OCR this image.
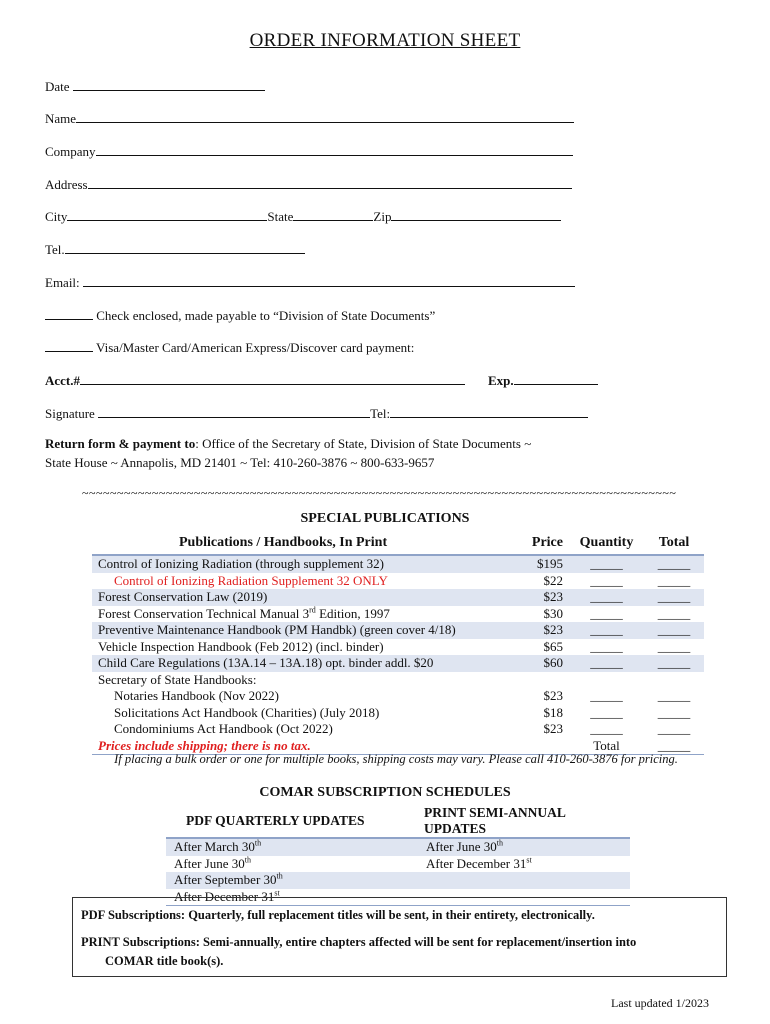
ORDER INFORMATION SHEET
Date
Name
Company
Address
City	State	Zip
Tel.
Email:
Check enclosed, made payable to “Division of State Documents”
Visa/Master Card/American Express/Discover card payment:
Acct.#	Exp.
Signature	Tel:
Return form & payment to: Office of the Secretary of State, Division of State Documents ~
State House ~ Annapolis, MD 21401 ~ Tel: 410-260-3876 ~ 800-633-9657
~~~~~~~~~~~~~~~~~~~~~~~~~~~~~~~~~~~~~~~~~~~~~~~~~~~~~~~~~~~~~~~~~~~~~~~~~~~~~~~~~~~~~
SPECIAL PUBLICATIONS
Publications / Handbooks, In Print	Price	Quantity	Total
Control of Ionizing Radiation (through supplement 32)	$195	_____	_____
Control of Ionizing Radiation Supplement 32 ONLY	$22	_____	_____
Forest Conservation Law (2019)	$23	_____	_____
Forest Conservation Technical Manual 3rd Edition, 1997	$30	_____	_____
Preventive Maintenance Handbook (PM Handbk) (green cover 4/18)	$23	_____	_____
Vehicle Inspection Handbook (Feb 2012) (incl. binder)	$65	_____	_____
Child Care Regulations (13A.14 – 13A.18) opt. binder addl. $20	$60	_____	_____
Secretary of State Handbooks:			
Notaries Handbook (Nov 2022)	$23	_____	_____
Solicitations Act Handbook (Charities) (July 2018)	$18	_____	_____
Condominiums Act Handbook (Oct 2022)	$23	_____	_____
Prices include shipping; there is no tax.		Total	_____
If placing a bulk order or one for multiple books, shipping costs may vary. Please call 410-260-3876 for pricing.
COMAR SUBSCRIPTION SCHEDULES
PDF QUARTERLY UPDATES	PRINT SEMI-ANNUAL UPDATES
After March 30th	After June 30th
After June 30th	After December 31st
After September 30th	
After December 31st	

PDF Subscriptions: Quarterly, full replacement titles will be sent, in their entirety, electronically.

PRINT Subscriptions: Semi-annually, entire chapters affected will be sent for replacement/insertion into

COMAR title book(s).

Last updated 1/2023
